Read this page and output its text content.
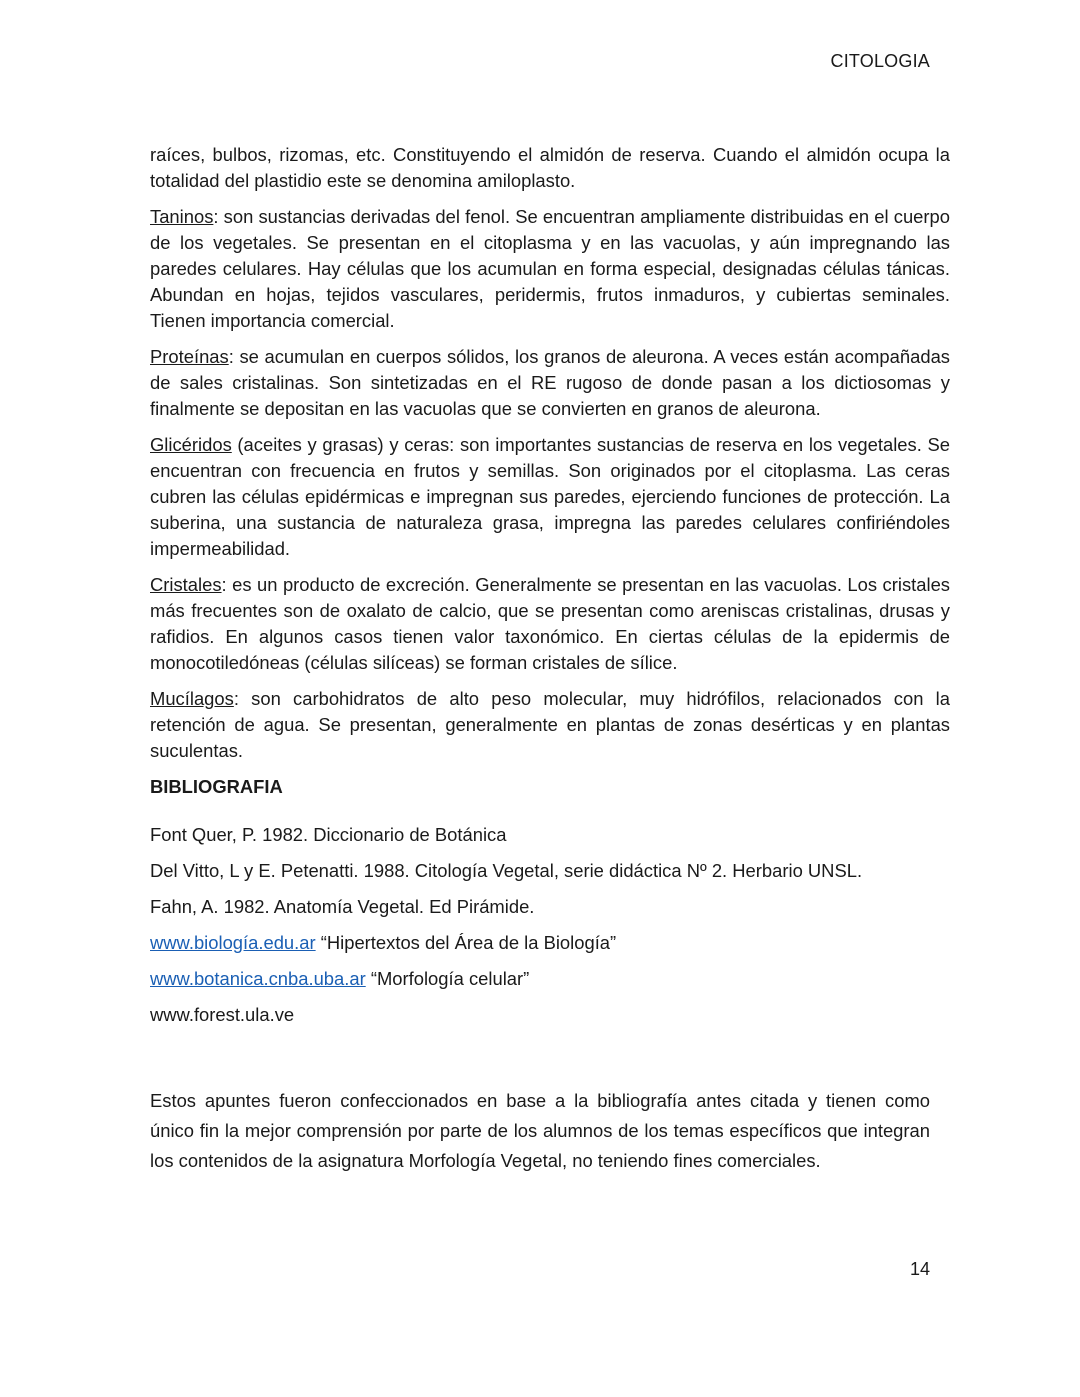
CITOLOGIA

raíces, bulbos, rizomas, etc. Constituyendo el almidón de reserva. Cuando el almidón ocupa la totalidad del plastidio este se denomina amiloplasto.

Taninos: son sustancias derivadas del fenol. Se encuentran ampliamente distribuidas en el cuerpo de los vegetales. Se presentan en el citoplasma y en las vacuolas, y aún impregnando las paredes celulares. Hay células que los acumulan en forma especial, designadas células tánicas. Abundan en hojas, tejidos vasculares, peridermis, frutos inmaduros, y cubiertas seminales. Tienen importancia comercial.

Proteínas: se acumulan en cuerpos sólidos, los granos de aleurona. A veces están acompañadas de sales cristalinas. Son sintetizadas en el RE rugoso de donde pasan a los dictiosomas y finalmente se depositan en las vacuolas que se convierten en granos de aleurona.

Glicéridos (aceites y grasas) y ceras: son importantes sustancias de reserva en los vegetales. Se encuentran con frecuencia en frutos y semillas. Son originados por el citoplasma. Las ceras cubren las células epidérmicas e impregnan sus paredes, ejerciendo funciones de protección. La suberina, una sustancia de naturaleza grasa, impregna las paredes celulares confiriéndoles impermeabilidad.

Cristales: es un producto de excreción. Generalmente se presentan en las vacuolas. Los cristales más frecuentes son de oxalato de calcio, que se presentan como areniscas cristalinas, drusas y rafidios. En algunos casos tienen valor taxonómico. En ciertas células de la epidermis de monocotiledóneas (células silíceas) se forman cristales de sílice.

Mucílagos: son carbohidratos de alto peso molecular, muy hidrófilos, relacionados con la retención de agua. Se presentan, generalmente en plantas de zonas desérticas y en plantas suculentas.

BIBLIOGRAFIA
Font Quer, P. 1982. Diccionario de Botánica
Del Vitto, L y E. Petenatti. 1988. Citología Vegetal, serie didáctica Nº 2. Herbario UNSL.
Fahn, A. 1982. Anatomía Vegetal. Ed Pirámide.
www.biología.edu.ar “Hipertextos del Área de la Biología”
www.botanica.cnba.uba.ar “Morfología celular”
www.forest.ula.ve

Estos apuntes fueron confeccionados en base a la bibliografía antes citada y tienen como único fin la mejor comprensión por parte de los alumnos de los temas específicos que integran los contenidos de la asignatura Morfología Vegetal, no teniendo fines comerciales.

14
